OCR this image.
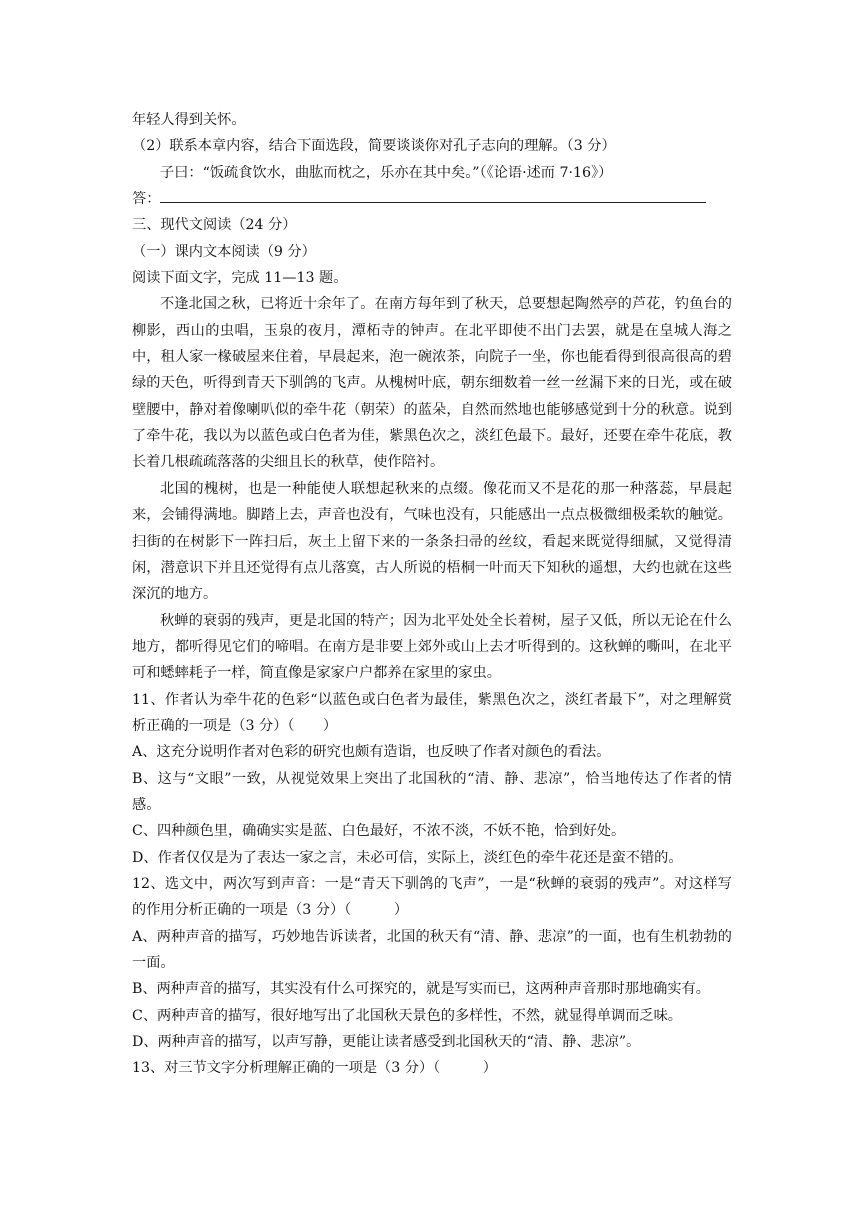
年轻人得到关怀。
（2）联系本章内容，结合下面选段，简要谈谈你对孔子志向的理解。（3 分）
子曰：“饭疏食饮水，曲肱而枕之，乐亦在其中矣。”（《论语·述而 7·16》）
答：
三、现代文阅读（24 分）
（一）课内文本阅读（9 分）
阅读下面文字，完成 11—13 题。
不逢北国之秋，已将近十余年了。在南方每年到了秋天，总要想起陶然亭的芦花，钓鱼台的柳影，西山的虫唱，玉泉的夜月，潭柘寺的钟声。在北平即使不出门去罢，就是在皇城人海之中，租人家一椽破屋来住着，早晨起来，泡一碗浓茶，向院子一坐，你也能看得到很高很高的碧绿的天色，听得到青天下驯鸽的飞声。从槐树叶底，朝东细数着一丝一丝漏下来的日光，或在破壁腰中，静对着像喇叭似的牵牛花（朝荣）的蓝朵，自然而然地也能够感觉到十分的秋意。说到了牵牛花，我以为以蓝色或白色者为佳，紫黑色次之，淡红色最下。最好，还要在牵牛花底，教长着几根疏疏落落的尖细且长的秋草，使作陪衬。
北国的槐树，也是一种能使人联想起秋来的点缀。像花而又不是花的那一种落蕊，早晨起来，会铺得满地。脚踏上去，声音也没有，气味也没有，只能感出一点点极微细极柔软的触觉。扫街的在树影下一阵扫后，灰土上留下来的一条条扫帚的丝纹，看起来既觉得细腻，又觉得清闲，潜意识下并且还觉得有点儿落寞，古人所说的梧桐一叶而天下知秋的遥想，大约也就在这些深沉的地方。
秋蝉的衰弱的残声，更是北国的特产；因为北平处处全长着树，屋子又低，所以无论在什么地方，都听得见它们的啼唱。在南方是非要上郊外或山上去才听得到的。这秋蝉的嘶叫，在北平可和蟋蟀耗子一样，简直像是家家户户都养在家里的家虫。
11、作者认为牵牛花的色彩“以蓝色或白色者为最佳，紫黑色次之，淡红者最下”，对之理解赏析正确的一项是（3 分）（　　）
A、这充分说明作者对色彩的研究也颇有造诣，也反映了作者对颜色的看法。
B、这与“文眼”一致，从视觉效果上突出了北国秋的“清、静、悲凉”，恰当地传达了作者的情感。
C、四种颜色里，确确实实是蓝、白色最好，不浓不淡，不妖不艳，恰到好处。
D、作者仅仅是为了表达一家之言，未必可信，实际上，淡红色的牵牛花还是蛮不错的。
12、选文中，两次写到声音：一是“青天下驯鸽的飞声”，一是“秋蝉的衰弱的残声”。对这样写的作用分析正确的一项是（3 分）（　　　）
A、两种声音的描写，巧妙地告诉读者，北国的秋天有“清、静、悲凉”的一面，也有生机勃勃的一面。
B、两种声音的描写，其实没有什么可探究的，就是写实而已，这两种声音那时那地确实有。
C、两种声音的描写，很好地写出了北国秋天景色的多样性，不然，就显得单调而乏味。
D、两种声音的描写，以声写静，更能让读者感受到北国秋天的“清、静、悲凉”。
13、对三节文字分析理解正确的一项是（3 分）（　　　）
